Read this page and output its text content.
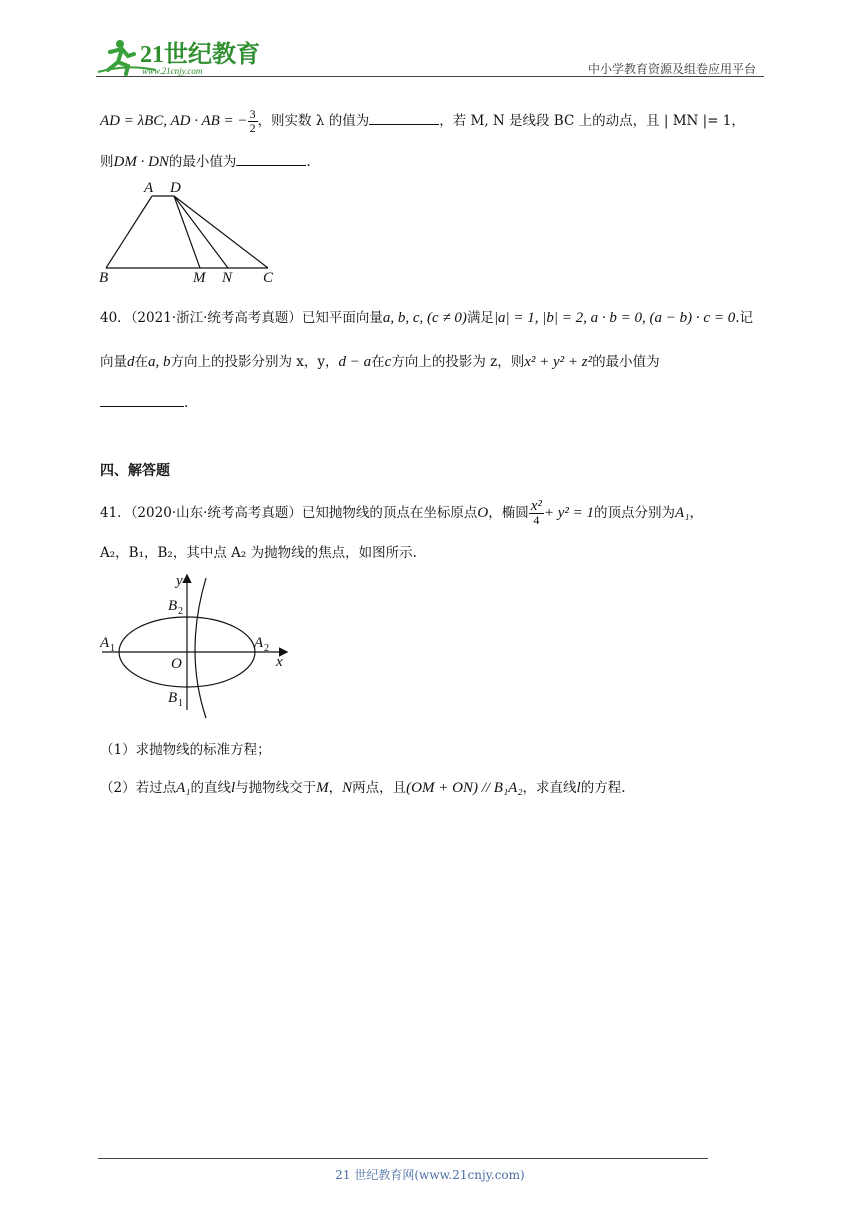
21世纪教育
www.21cnjy.com	中小学教育资源及组卷应用平台
AD = λBC, AD · AB = − $\frac{3}{2}$ ，则实数 λ 的值为	，若 M, N 是线段 BC 上的动点，且 | MN |= 1，
则DM · DN的最小值为	.
A D
B	M N C
40．（2021·浙江·统考高考真题）已知平面向量a, b, c, (c ≠ 0)满足|a| = 1, |b| = 2, a · b = 0, (a − b) · c = 0.记
向量d在a, b方向上的投影分别为 x，y，d − a在c方向上的投影为 z，则x² + y² + z²的最小值为
.
四、解答题
41．（2020·山东·统考高考真题）已知抛物线的顶点在坐标原点O，椭圆 $\frac{\text{x²}}{4} + y^2 = 1$的顶点分别为A₁，
A₂，B₁，B₂，其中点 A₂ 为抛物线的焦点，如图所示.
y
x
O
A 1	A 2
B 2
B 1
（1）求抛物线的标准方程；
（2）若过点A₁的直线l与抛物线交于M，N两点，且(OM + ON) // B₁A₂，求直线l的方程.
21 世纪教育网(www.21cnjy.com)
